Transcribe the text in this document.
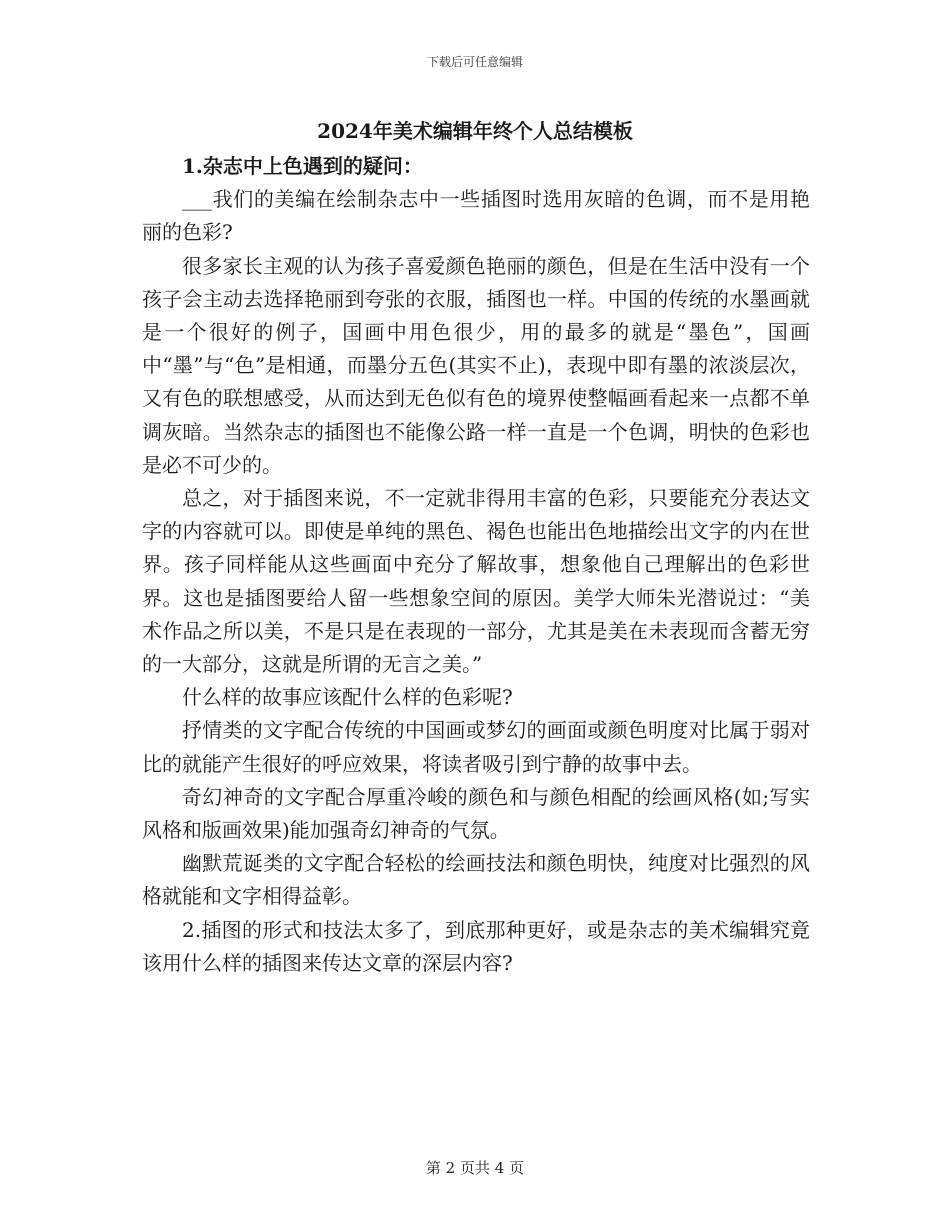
下载后可任意编辑
2024年美术编辑年终个人总结模板

1.杂志中上色遇到的疑问：

___我们的美编在绘制杂志中一些插图时选用灰暗的色调，而不是用艳丽的色彩?

很多家长主观的认为孩子喜爱颜色艳丽的颜色，但是在生活中没有一个孩子会主动去选择艳丽到夸张的衣服，插图也一样。中国的传统的水墨画就是一个很好的例子，国画中用色很少，用的最多的就是“墨色”，国画中“墨”与“色”是相通，而墨分五色(其实不止)，表现中即有墨的浓淡层次，又有色的联想感受，从而达到无色似有色的境界使整幅画看起来一点都不单调灰暗。当然杂志的插图也不能像公路一样一直是一个色调，明快的色彩也是必不可少的。

总之，对于插图来说，不一定就非得用丰富的色彩，只要能充分表达文字的内容就可以。即使是单纯的黑色、褐色也能出色地描绘出文字的内在世界。孩子同样能从这些画面中充分了解故事，想象他自己理解出的色彩世界。这也是插图要给人留一些想象空间的原因。美学大师朱光潜说过：“美术作品之所以美，不是只是在表现的一部分，尤其是美在未表现而含蓄无穷的一大部分，这就是所谓的无言之美。”

什么样的故事应该配什么样的色彩呢?

抒情类的文字配合传统的中国画或梦幻的画面或颜色明度对比属于弱对比的就能产生很好的呼应效果，将读者吸引到宁静的故事中去。

奇幻神奇的文字配合厚重冷峻的颜色和与颜色相配的绘画风格(如;写实风格和版画效果)能加强奇幻神奇的气氛。

幽默荒诞类的文字配合轻松的绘画技法和颜色明快，纯度对比强烈的风格就能和文字相得益彰。

2.插图的形式和技法太多了，到底那种更好，或是杂志的美术编辑究竟该用什么样的插图来传达文章的深层内容?

第 2 页共 4 页
